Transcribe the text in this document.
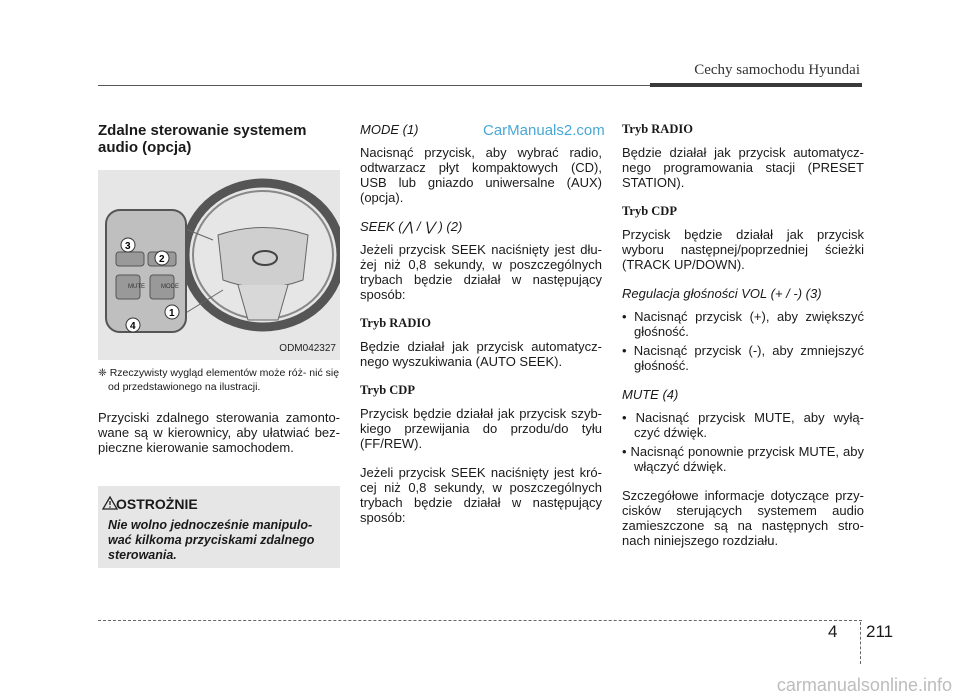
Cechy samochodu Hyundai
CarManuals2.com

Zdalne sterowanie systemem audio (opcja)

MUTE	MODE
3
2
4
1
ODM042327

❈ Rzeczywisty wygląd elementów może róż- nić się od przedstawionego na ilustracji.

Przyciski zdalnego sterowania zamonto- wane są w kierownicy, aby ułatwiać bez- pieczne kierowanie samochodem.

OSTROŻNIE
Nie wolno jednocześnie manipulo- wać kilkoma przyciskami zdalnego sterowania.

MODE (1)

Nacisnąć przycisk, aby wybrać radio, odtwarzacz płyt kompaktowych (CD), USB lub gniazdo uniwersalne (AUX) (opcja).

SEEK (⋀ / ⋁ ) (2)

Jeżeli przycisk SEEK naciśnięty jest dłu- żej niż 0,8 sekundy, w poszczególnych trybach będzie działał w następujący sposób:

Tryb RADIO

Będzie działał jak przycisk automatycz- nego wyszukiwania (AUTO SEEK).

Tryb CDP

Przycisk będzie działał jak przycisk szyb- kiego przewijania do przodu/do tyłu (FF/REW).

Jeżeli przycisk SEEK naciśnięty jest kró- cej niż 0,8 sekundy, w poszczególnych trybach będzie działał w następujący sposób:

Tryb RADIO

Będzie działał jak przycisk automatycz- nego programowania stacji (PRESET STATION).

Tryb CDP

Przycisk będzie działał jak przycisk wyboru następnej/poprzedniej ścieżki (TRACK UP/DOWN).

Regulacja głośności VOL (+ / -) (3)

• Nacisnąć przycisk (+), aby zwiększyć głośność.

• Nacisnąć przycisk (-), aby zmniejszyć głośność.

MUTE (4)

• Nacisnąć przycisk MUTE, aby wyłą- czyć dźwięk.

• Nacisnąć ponownie przycisk MUTE, aby włączyć dźwięk.

Szczegółowe informacje dotyczące przy- cisków sterujących systemem audio zamieszczone są na następnych stro- nach niniejszego rozdziału.

4 211
carmanualsonline.info
